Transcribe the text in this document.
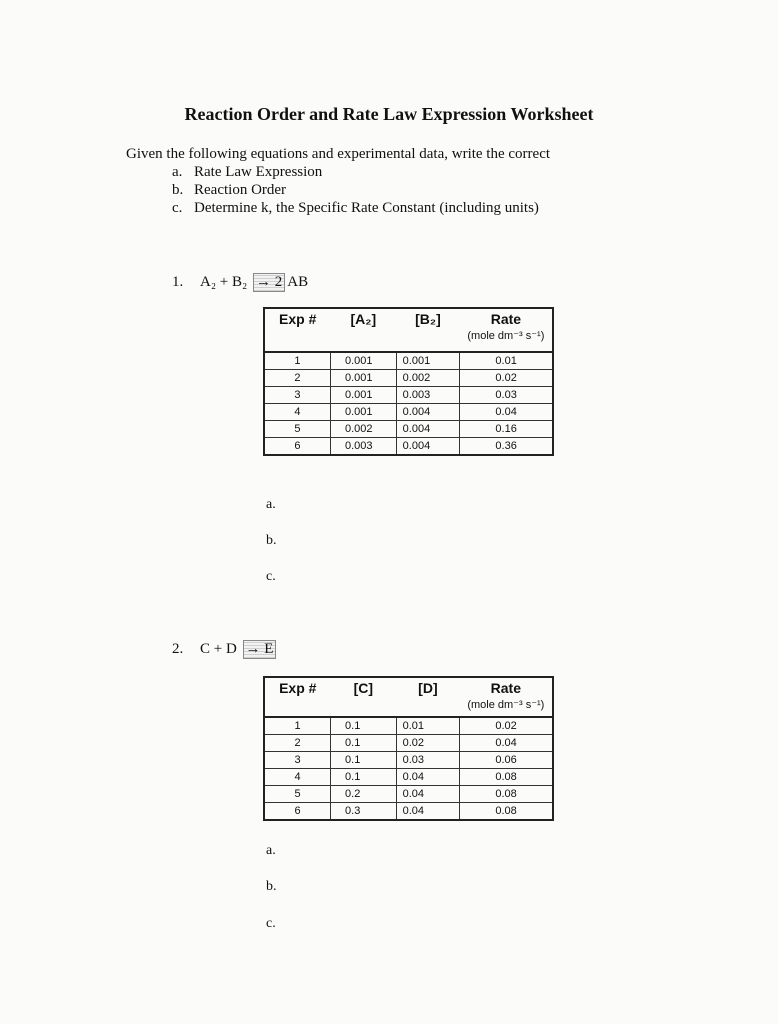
Reaction Order and Rate Law Expression Worksheet
Given the following equations and experimental data, write the correct
a. Rate Law Expression
b. Reaction Order
c. Determine k, the Specific Rate Constant (including units)
1. A₂ + B₂ → 2 AB
Exp #	[A₂]	[B₂]	Rate
(mole dm⁻³ s⁻¹)

1	0.001	0.001	0.01
2	0.001	0.002	0.02
3	0.001	0.003	0.03
4	0.001	0.004	0.04
5	0.002	0.004	0.16
6	0.003	0.004	0.36
a.
b.
c.
2. C + D → E
Exp #	[C]	[D]	Rate
(mole dm⁻³ s⁻¹)

1	0.1	0.01	0.02
2	0.1	0.02	0.04
3	0.1	0.03	0.06
4	0.1	0.04	0.08
5	0.2	0.04	0.08
6	0.3	0.04	0.08
a.
b.
c.
